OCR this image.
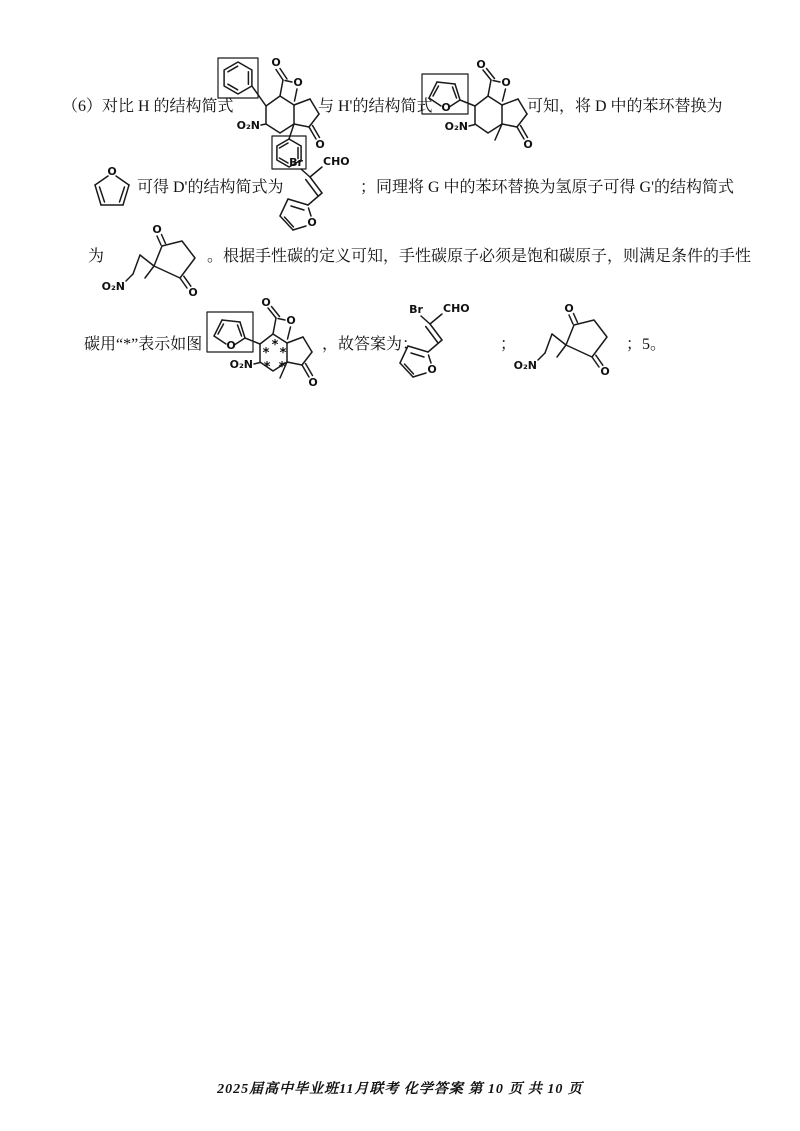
（6）对比 H 的结构简式
O₂N
O
O
O
与 H'的结构简式 O
O₂N
O
O
O
可知，将 D 中的苯环替换为
O
可得 D'的结构简式为
Br CHO
O
；同理将 G 中的苯环替换为氢原子可得 G'的结构简式
为
O
O
O₂N
。根据手性碳的定义可知，手性碳原子必须是饱和碳原子，则满足条件的手性
碳用“*”表示如图 O
O₂N
O
O
O
*
*
*
* *
，故答案为：
Br CHO
O
；
O
O
O₂N
；5。
2025届高中毕业班11月联考 化学答案 第 10 页 共 10 页
